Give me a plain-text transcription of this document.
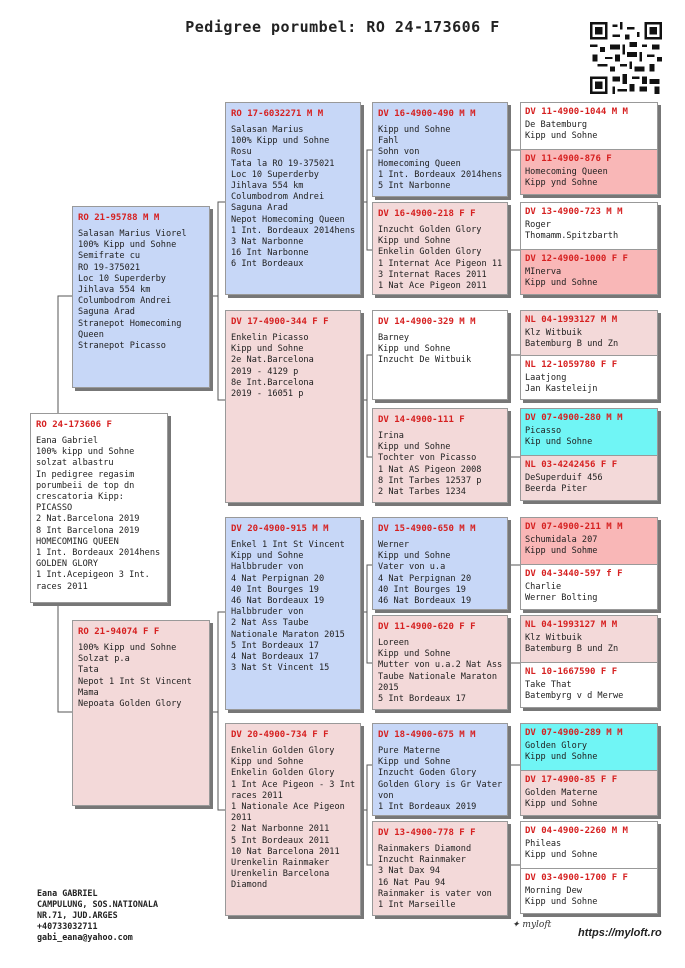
Pedigree porumbel: RO 24-173606 F
RO 24-173606 F
Eana Gabriel
100% kipp und Sohne
solzat albastru
In pedigree regasim
porumbeii de top dn
crescatoria Kipp:
PICASSO
2 Nat.Barcelona 2019
8 Int Barcelona 2019
HOMECOMING QUEEN
1 Int. Bordeaux 2014hens
GOLDEN GLORY
1 Int.Acepigeon 3 Int.
races 2011
RO 21-95788 M M
Salasan Marius Viorel
100% Kipp und Sohne
Semifrate cu
RO 19-375021
Loc 10 Superderby
Jihlava 554 km
Columbodrom Andrei
Saguna Arad
Stranepot Homecoming
Queen
Stranepot Picasso
RO 21-94074 F F
100% Kipp und Sohne
Solzat p.a
Tata
Nepot 1 Int St Vincent
Mama
Nepoata Golden Glory
RO 17-6032271 M M
Salasan Marius
100% Kipp und Sohne
Rosu
Tata la RO 19-375021
Loc 10 Superderby
Jihlava 554 km
Columbodrom Andrei
Saguna Arad
Nepot Homecoming Queen
1 Int. Bordeaux 2014hens
3 Nat Narbonne
16 Int Narbonne
6 Int Bordeaux
DV 17-4900-344 F F
Enkelin Picasso
Kipp und Sohne
2e Nat.Barcelona
2019 - 4129 p
8e Int.Barcelona
2019 - 16051 p
DV 20-4900-915 M M
Enkel 1 Int St Vincent
Kipp und Sohne
Halbbruder von
4 Nat Perpignan 20
40 Int Bourges 19
46 Nat Bordeaux 19
Halbbruder von
2 Nat Ass Taube
Nationale Maraton 2015
5 Int Bordeaux 17
4 Nat Bordeaux 17
3 Nat St Vincent 15
DV 20-4900-734 F F
Enkelin Golden Glory
Kipp und Sohne
Enkelin Golden Glory
1 Int Ace Pigeon - 3 Int
races 2011
1 Nationale Ace Pigeon
2011
2 Nat Narbonne 2011
5 Int Bordeaux 2011
10 Nat Barcelona 2011
Urenkelin Rainmaker
Urenkelin Barcelona
Diamond
DV 16-4900-490 M M
Kipp und Sohne
Fahl
Sohn von
Homecoming Queen
1 Int. Bordeaux 2014hens
5 Int Narbonne
DV 16-4900-218 F F
Inzucht Golden Glory
Kipp und Sohne
Enkelin Golden Glory
1 Internat Ace Pigeon 11
3 Internat Races 2011
1 Nat Ace Pigeon 2011
DV 14-4900-329 M M
Barney
Kipp und Sohne
Inzucht De Witbuik
DV 14-4900-111 F
Irina
Kipp und Sohne
Tochter von Picasso
1 Nat AS Pigeon 2008
8 Int Tarbes 12537 p
2 Nat Tarbes 1234
DV 15-4900-650 M M
Werner
Kipp und Sohne
Vater von u.a
4 Nat Perpignan 20
40 Int Bourges 19
46 Nat Bordeaux 19
DV 11-4900-620 F F
Loreen
Kipp und Sohne
Mutter von u.a.2 Nat Ass
Taube Nationale Maraton
2015
5 Int Bordeaux 17
DV 18-4900-675 M M
Pure Materne
Kipp und Sohne
Inzucht Goden Glory
Golden Glory is Gr Vater
von
1 Int Bordeaux 2019
DV 13-4900-778 F F
Rainmakers Diamond
Inzucht Rainmaker
3 Nat Dax 94
16 Nat Pau 94
Rainmaker is vater von
1 Int Marseille
DV 11-4900-1044 M M
De Batemburg
Kipp und Sohne
DV 11-4900-876 F
Homecoming Queen
Kipp ynd Sohne
DV 13-4900-723 M M
Roger
Thomamm.Spitzbarth
DV 12-4900-1000 F F
MInerva
Kipp und Sohne
NL 04-1993127 M M
Klz Witbuik
Batemburg B und Zn
NL 12-1059780 F F
Laatjong
Jan Kasteleijn
DV 07-4900-280 M M
Picasso
Kip und Sohne
NL 03-4242456 F F
DeSuperduif 456
Beerda Piter
DV 07-4900-211 M M
Schumidala 207
Kipp und Sohme
DV 04-3440-597 f F
Charlie
Werner Bolting
NL 04-1993127 M M
Klz Witbuik
Batemburg B und Zn
NL 10-1667590 F F
Take That
Batembyrg v d Merwe
DV 07-4900-289 M M
Golden Glory
Kipp und Sohne
DV 17-4900-85 F F
Golden Materne
Kipp und Sohne
DV 04-4900-2260 M M
Phileas
Kipp und Sohne
DV 03-4900-1700 F F
Morning Dew
Kipp und Sohne
Eana GABRIEL
CAMPULUNG, SOS.NATIONALA
NR.71, JUD.ARGES
+40733032711
gabi_eana@yahoo.com
✦ myloft
https://myloft.ro
